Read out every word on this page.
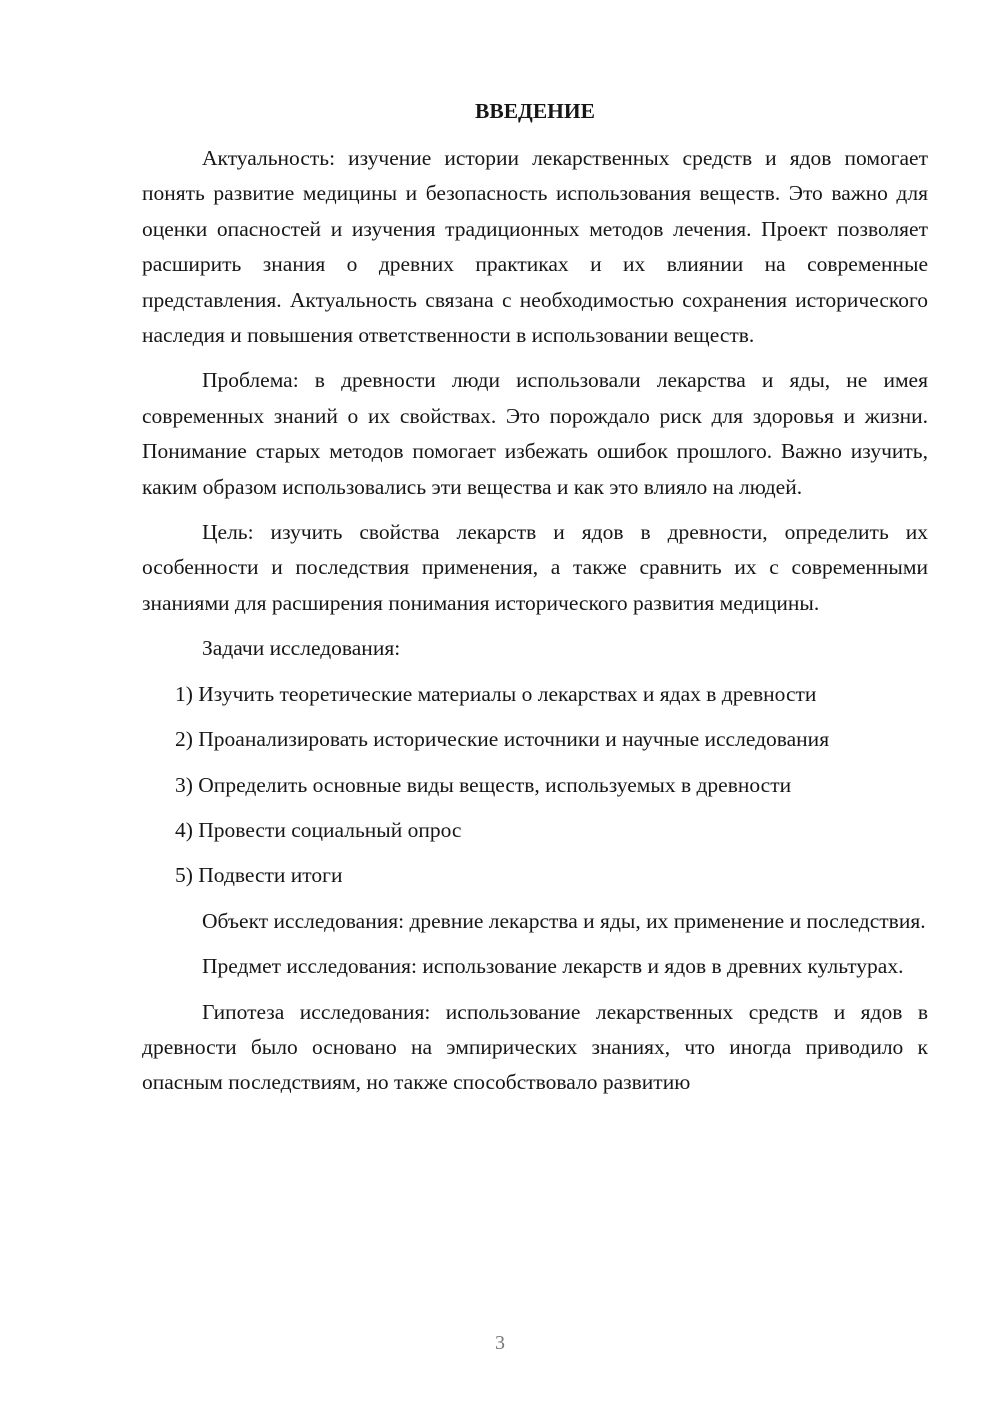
ВВЕДЕНИЕ

Актуальность: изучение истории лекарственных средств и ядов помогает понять развитие медицины и безопасность использования веществ. Это важно для оценки опасностей и изучения традиционных методов лечения. Проект позволяет расширить знания о древних практиках и их влиянии на современные представления. Актуальность связана с необходимостью сохранения исторического наследия и повышения ответственности в использовании веществ.

Проблема: в древности люди использовали лекарства и яды, не имея современных знаний о их свойствах. Это порождало риск для здоровья и жизни. Понимание старых методов помогает избежать ошибок прошлого. Важно изучить, каким образом использовались эти вещества и как это влияло на людей.

Цель: изучить свойства лекарств и ядов в древности, определить их особенности и последствия применения, а также сравнить их с современными знаниями для расширения понимания исторического развития медицины.

Задачи исследования:

1) Изучить теоретические материалы о лекарствах и ядах в древности

2) Проанализировать исторические источники и научные исследования

3) Определить основные виды веществ, используемых в древности

4) Провести социальный опрос

5) Подвести итоги

Объект исследования: древние лекарства и яды, их применение и последствия.

Предмет исследования: использование лекарств и ядов в древних культурах.

Гипотеза исследования: использование лекарственных средств и ядов в древности было основано на эмпирических знаниях, что иногда приводило к опасным последствиям, но также способствовало развитию

3
